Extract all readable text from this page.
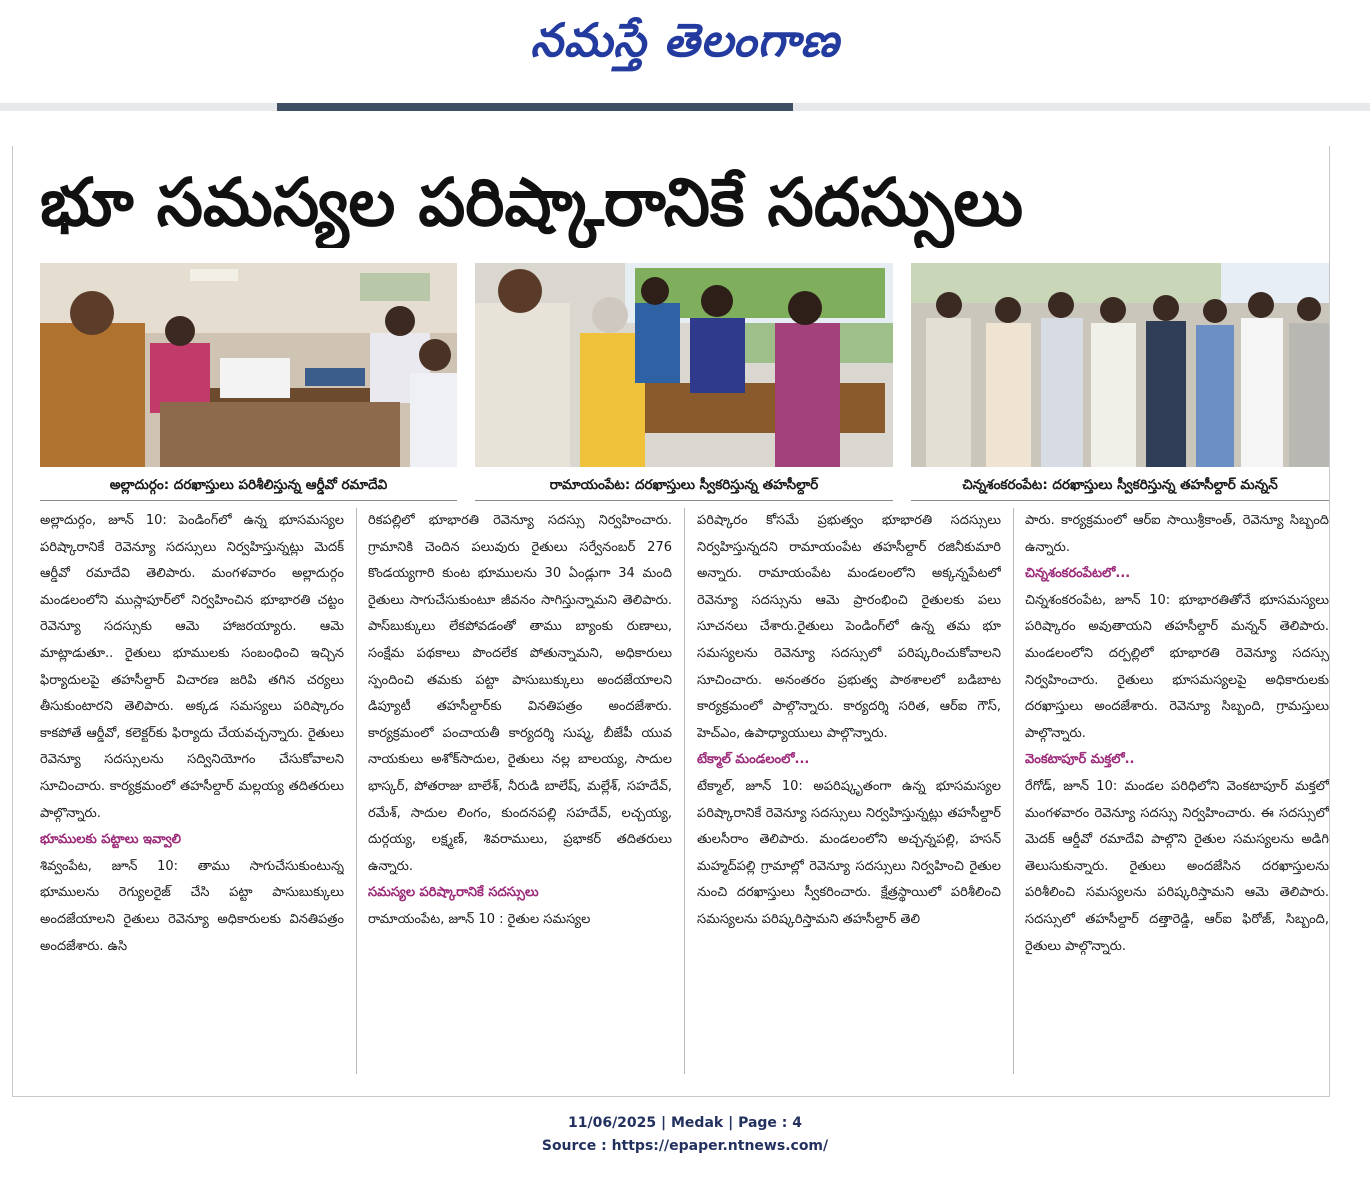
నమస్తే తెలంగాణ
భూ సమస్యల పరిష్కారానికే సదస్సులు
అల్లాదుర్గం: దరఖాస్తులు పరిశీలిస్తున్న ఆర్డీవో రమాదేవి	రామాయంపేట: దరఖాస్తులు స్వీకరిస్తున్న తహసీల్దార్	చిన్నశంకరంపేట: దరఖాస్తులు స్వీకరిస్తున్న తహసీల్దార్ మన్నన్

అల్లాదుర్గం, జూన్ 10: పెండింగ్‌లో ఉన్న భూసమస్యల పరిష్కారానికే రెవెన్యూ సదస్సులు నిర్వహిస్తున్నట్లు మెదక్ ఆర్డీవో రమాదేవి తెలిపారు. మంగళవారం అల్లాదుర్గం మండలంలోని ముస్లాపూర్‌లో నిర్వహించిన భూభారతి చట్టం రెవెన్యూ సదస్సుకు ఆమె హాజరయ్యారు. ఆమె మాట్లాడుతూ.. రైతులు భూములకు సంబంధించి ఇచ్చిన ఫిర్యాదులపై తహసీల్దార్ విచారణ జరిపి తగిన చర్యలు తీసుకుంటారని తెలిపారు. అక్కడ సమస్యలు పరిష్కారం కాకపోతే ఆర్డీవో, కలెక్టర్‌కు ఫిర్యాదు చేయవచ్చన్నారు. రైతులు రెవెన్యూ సదస్సులను సద్వినియోగం చేసుకోవాలని సూచించారు. కార్యక్రమంలో తహసీల్దార్ మల్లయ్య తదితరులు పాల్గొన్నారు.

భూములకు పట్టాలు ఇవ్వాలి

శివ్వంపేట, జూన్ 10: తాము సాగుచేసుకుంటున్న భూములను రెగ్యులరైజ్ చేసి పట్టా పాసుబుక్కులు అందజేయాలని రైతులు రెవెన్యూ అధికారులకు వినతిపత్రం అందజేశారు. ఉసి

రికపల్లిలో భూభారతి రెవెన్యూ సదస్సు నిర్వహించారు. గ్రామానికి చెందిన పలువురు రైతులు సర్వేనంబర్ 276 కొండయ్యగారి కుంట భూములను 30 ఏండ్లుగా 34 మంది రైతులు సాగుచేసుకుంటూ జీవనం సాగిస్తున్నామని తెలిపారు. పాస్‌బుక్కులు లేకపోవడంతో తాము బ్యాంకు రుణాలు, సంక్షేమ పథకాలు పొందలేక పోతున్నామని, అధికారులు స్పందించి తమకు పట్టా పాసుబుక్కులు అందజేయాలని డిప్యూటీ తహసీల్దార్‌కు వినతిపత్రం అందజేశారు. కార్యక్రమంలో పంచాయతీ కార్యదర్శి సుష్మ, బీజేపీ యువ నాయకులు అశోక్‌సాదుల, రైతులు నల్ల బాలయ్య, సాదుల భాస్కర్, పోతరాజు బాలేశ్, నీరుడి బాలేష్, మల్లేశ్, సహదేవ్, రమేశ్, సాదుల లింగం, కుందనపల్లి సహదేవ్, లచ్చయ్య, దుర్గయ్య, లక్ష్మణ్, శివరాములు, ప్రభాకర్ తదితరులు ఉన్నారు.

సమస్యల పరిష్కారానికే సదస్సులు

రామాయంపేట, జూన్ 10 : రైతుల సమస్యల

పరిష్కారం కోసమే ప్రభుత్వం భూభారతి సదస్సులు నిర్వహిస్తున్నదని రామాయంపేట తహసీల్దార్ రజినీకుమారి అన్నారు. రామాయంపేట మండలంలోని అక్కన్నపేటలో రెవెన్యూ సదస్సును ఆమె ప్రారంభించి రైతులకు పలు సూచనలు చేశారు.రైతులు పెండింగ్‌లో ఉన్న తమ భూ సమస్యలను రెవెన్యూ సదస్సులో పరిష్కరించుకోవాలని సూచించారు. అనంతరం ప్రభుత్వ పాఠశాలలో బడిబాట కార్యక్రమంలో పాల్గొన్నారు. కార్యదర్శి సరిత, ఆర్‌ఐ గౌస్, హెచ్‌ఎం, ఉపాధ్యాయులు పాల్గొన్నారు.

టేక్మాల్ మండలంలో...

టేక్మాల్, జూన్ 10: అపరిష్కృతంగా ఉన్న భూసమస్యల పరిష్కారానికే రెవెన్యూ సదస్సులు నిర్వహిస్తున్నట్లు తహసీల్దార్ తులసీరాం తెలిపారు. మండలంలోని అచ్చన్నపల్లి, హసన్ మహ్మద్‌పల్లి గ్రామాల్లో రెవెన్యూ సదస్సులు నిర్వహించి రైతుల నుంచి దరఖాస్తులు స్వీకరించారు. క్షేత్రస్థాయిలో పరిశీలించి సమస్యలను పరిష్కరిస్తామని తహసీల్దార్ తెలి

పారు. కార్యక్రమంలో ఆర్‌ఐ సాయిశ్రీకాంత్, రెవెన్యూ సిబ్బంది ఉన్నారు.

చిన్నశంకరంపేటలో...

చిన్నశంకరంపేట, జూన్ 10: భూభారతితోనే భూసమస్యలు పరిష్కారం అవుతాయని తహసీల్దార్ మన్నన్ తెలిపారు. మండలంలోని దర్పల్లిలో భూభారతి రెవెన్యూ సదస్సు నిర్వహించారు. రైతులు భూసమస్యలపై అధికారులకు దరఖాస్తులు అందజేశారు. రెవెన్యూ సిబ్బంది, గ్రామస్తులు పాల్గొన్నారు.

వెంకటాపూర్ మక్తలో..

రేగోడ్, జూన్ 10: మండల పరిధిలోని వెంకటాపూర్ మక్తలో మంగళవారం రెవెన్యూ సదస్సు నిర్వహించారు. ఈ సదస్సులో మెదక్ ఆర్డీవో రమాదేవి పాల్గొని రైతుల సమస్యలను అడిగి తెలుసుకున్నారు. రైతులు అందజేసిన దరఖాస్తులను పరిశీలించి సమస్యలను పరిష్కరిస్తామని ఆమె తెలిపారు. సదస్సులో తహసీల్దార్ దత్తారెడ్డి, ఆర్‌ఐ ఫిరోజ్, సిబ్బంది, రైతులు పాల్గొన్నారు.

11/06/2025 | Medak | Page : 4
Source : https://epaper.ntnews.com/
